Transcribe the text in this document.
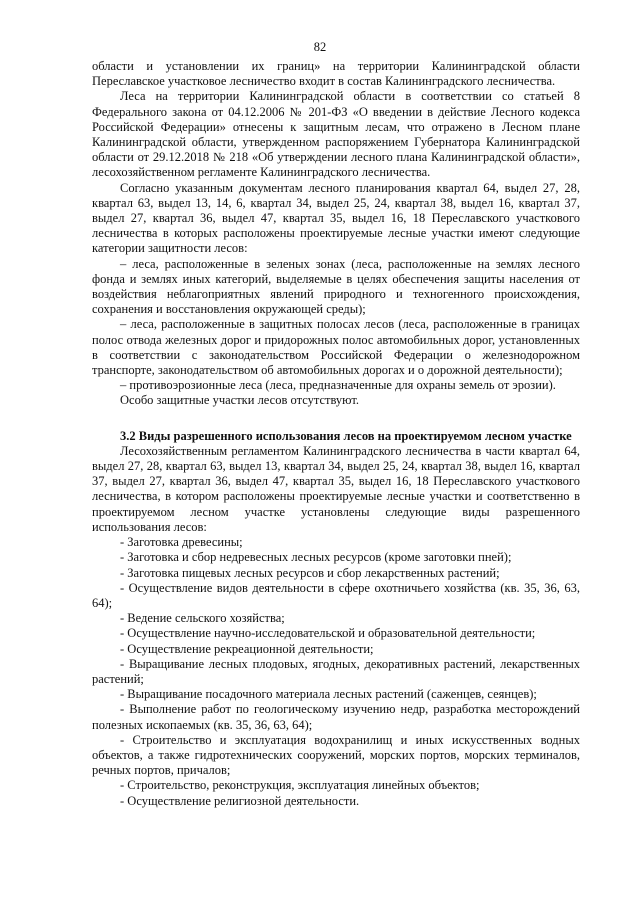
82

области и установлении их границ» на территории Калининградской области Переславское участковое лесничество входит в состав Калининградского лесничества.

Леса на территории Калининградской области в соответствии со статьей 8 Федерального закона от 04.12.2006 № 201-ФЗ «О введении в действие Лесного кодекса Российской Федерации» отнесены к защитным лесам, что отражено в Лесном плане Калининградской области, утвержденном распоряжением Губернатора Калининградской области от 29.12.2018 № 218 «Об утверждении лесного плана Калининградской области», лесохозяйственном регламенте Калининградского лесничества.

Согласно указанным документам лесного планирования квартал 64, выдел 27, 28, квартал 63, выдел 13, 14, 6, квартал 34, выдел 25, 24, квартал 38, выдел 16, квартал 37, выдел 27, квартал 36, выдел 47, квартал 35, выдел 16, 18 Переславского участкового лесничества в которых расположены проектируемые лесные участки имеют следующие категории защитности лесов:

– леса, расположенные в зеленых зонах (леса, расположенные на землях лесного фонда и землях иных категорий, выделяемые в целях обеспечения защиты населения от воздействия неблагоприятных явлений природного и техногенного происхождения, сохранения и восстановления окружающей среды);

– леса, расположенные в защитных полосах лесов (леса, расположенные в границах полос отвода железных дорог и придорожных полос автомобильных дорог, установленных в соответствии с законодательством Российской Федерации о железнодорожном транспорте, законодательством об автомобильных дорогах и о дорожной деятельности);

– противоэрозионные леса (леса, предназначенные для охраны земель от эрозии).

Особо защитные участки лесов отсутствуют.

3.2 Виды разрешенного использования лесов на проектируемом лесном участке

Лесохозяйственным регламентом Калининградского лесничества в части квартал 64, выдел 27, 28, квартал 63, выдел 13, квартал 34, выдел 25, 24, квартал 38, выдел 16, квартал 37, выдел 27, квартал 36, выдел 47, квартал 35, выдел 16, 18 Переславского участкового лесничества, в котором расположены проектируемые лесные участки и соответственно в проектируемом лесном участке установлены следующие виды разрешенного использования лесов:

- Заготовка древесины;

- Заготовка и сбор недревесных лесных ресурсов (кроме заготовки пней);

- Заготовка пищевых лесных ресурсов и сбор лекарственных растений;

- Осуществление видов деятельности в сфере охотничьего хозяйства (кв. 35, 36, 63, 64);

- Ведение сельского хозяйства;

- Осуществление научно-исследовательской и образовательной деятельности;

- Осуществление рекреационной деятельности;

- Выращивание лесных плодовых, ягодных, декоративных растений, лекарственных растений;

- Выращивание посадочного материала лесных растений (саженцев, сеянцев);

- Выполнение работ по геологическому изучению недр, разработка месторождений полезных ископаемых (кв. 35, 36, 63, 64);

- Строительство и эксплуатация водохранилищ и иных искусственных водных объектов, а также гидротехнических сооружений, морских портов, морских терминалов, речных портов, причалов;

- Строительство, реконструкция, эксплуатация линейных объектов;

- Осуществление религиозной деятельности.
